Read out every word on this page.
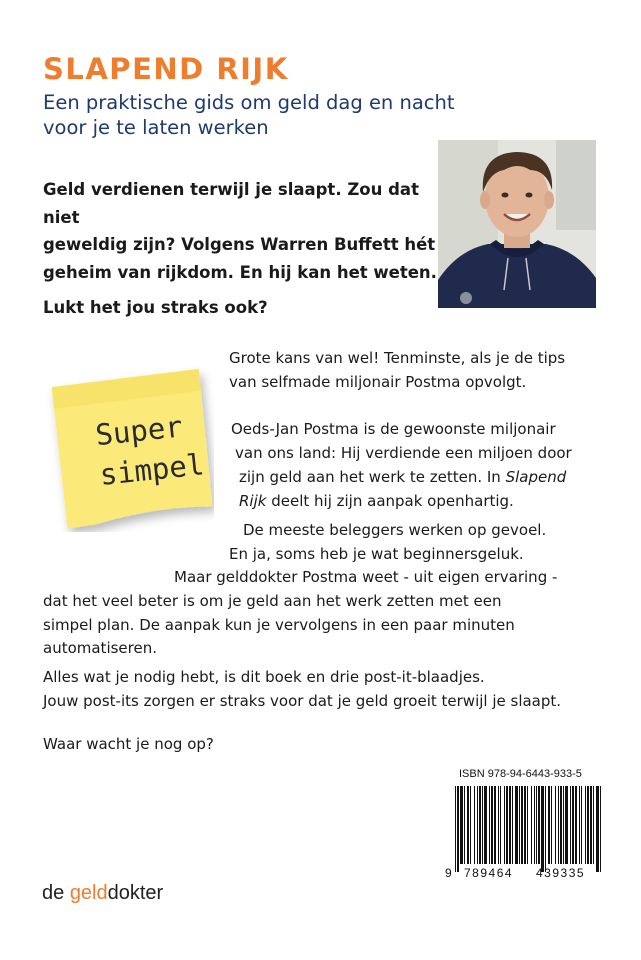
SLAPEND RIJK
Een praktische gids om geld dag en nacht
voor je te laten werken

Geld verdienen terwijl je slaapt. Zou dat niet

geweldig zijn? Volgens Warren Buffett hét

geheim van rijkdom. En hij kan het weten.

Lukt het jou straks ook?

Super
simpel
Grote kans van wel! Tenminste, als je de tips
van selfmade miljonair Postma opvolgt.
Oeds-Jan Postma is de gewoonste miljonair
van ons land: Hij verdiende een miljoen door
zijn geld aan het werk te zetten. In Slapend
Rijk deelt hij zijn aanpak openhartig.
De meeste beleggers werken op gevoel.
En ja, soms heb je wat beginnersgeluk.
Maar gelddokter Postma weet - uit eigen ervaring -
dat het veel beter is om je geld aan het werk zetten met een
simpel plan. De aanpak kun je vervolgens in een paar minuten
automatiseren.
Alles wat je nodig hebt, is dit boek en drie post-it-blaadjes.
Jouw post-its zorgen er straks voor dat je geld groeit terwijl je slaapt.
Waar wacht je nog op?
ISBN 978-94-6443-933-5
9 789464 439335
de gelddokter
